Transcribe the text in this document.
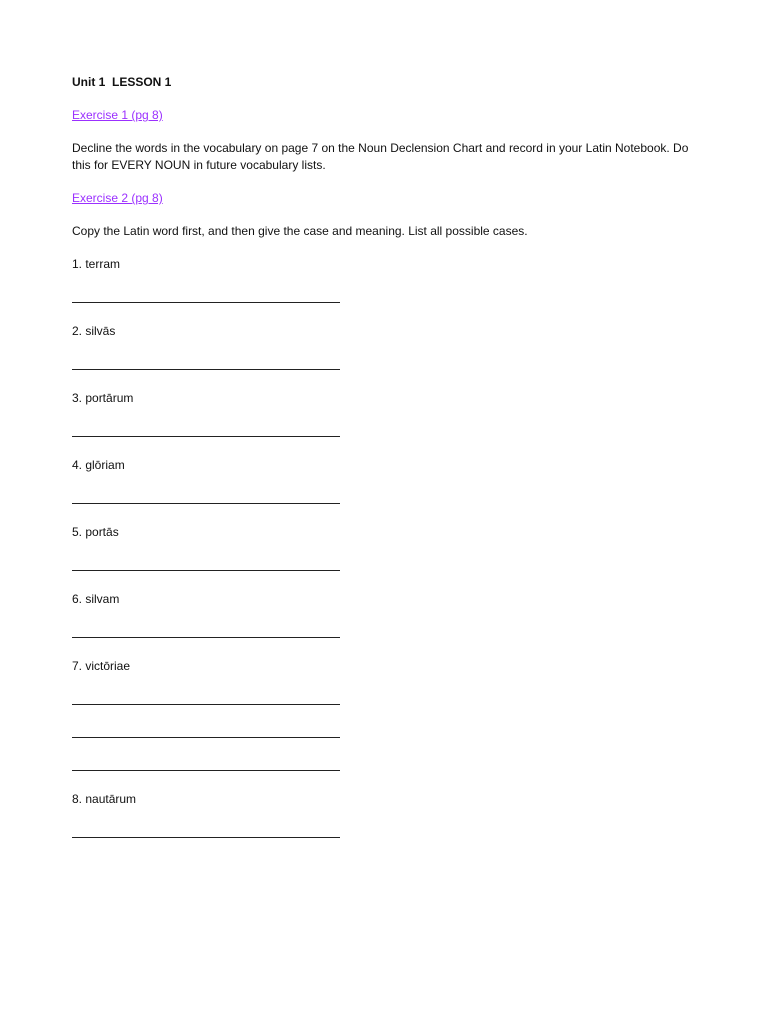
Unit 1  LESSON 1
Exercise 1 (pg 8)
Decline the words in the vocabulary on page 7 on the Noun Declension Chart and record in your Latin Notebook. Do this for EVERY NOUN in future vocabulary lists.
Exercise 2 (pg 8)
Copy the Latin word first, and then give the case and meaning. List all possible cases.
1. terram
2. silvās
3. portārum
4. glōriam
5. portās
6. silvam
7. victōriae
8. nautārum
